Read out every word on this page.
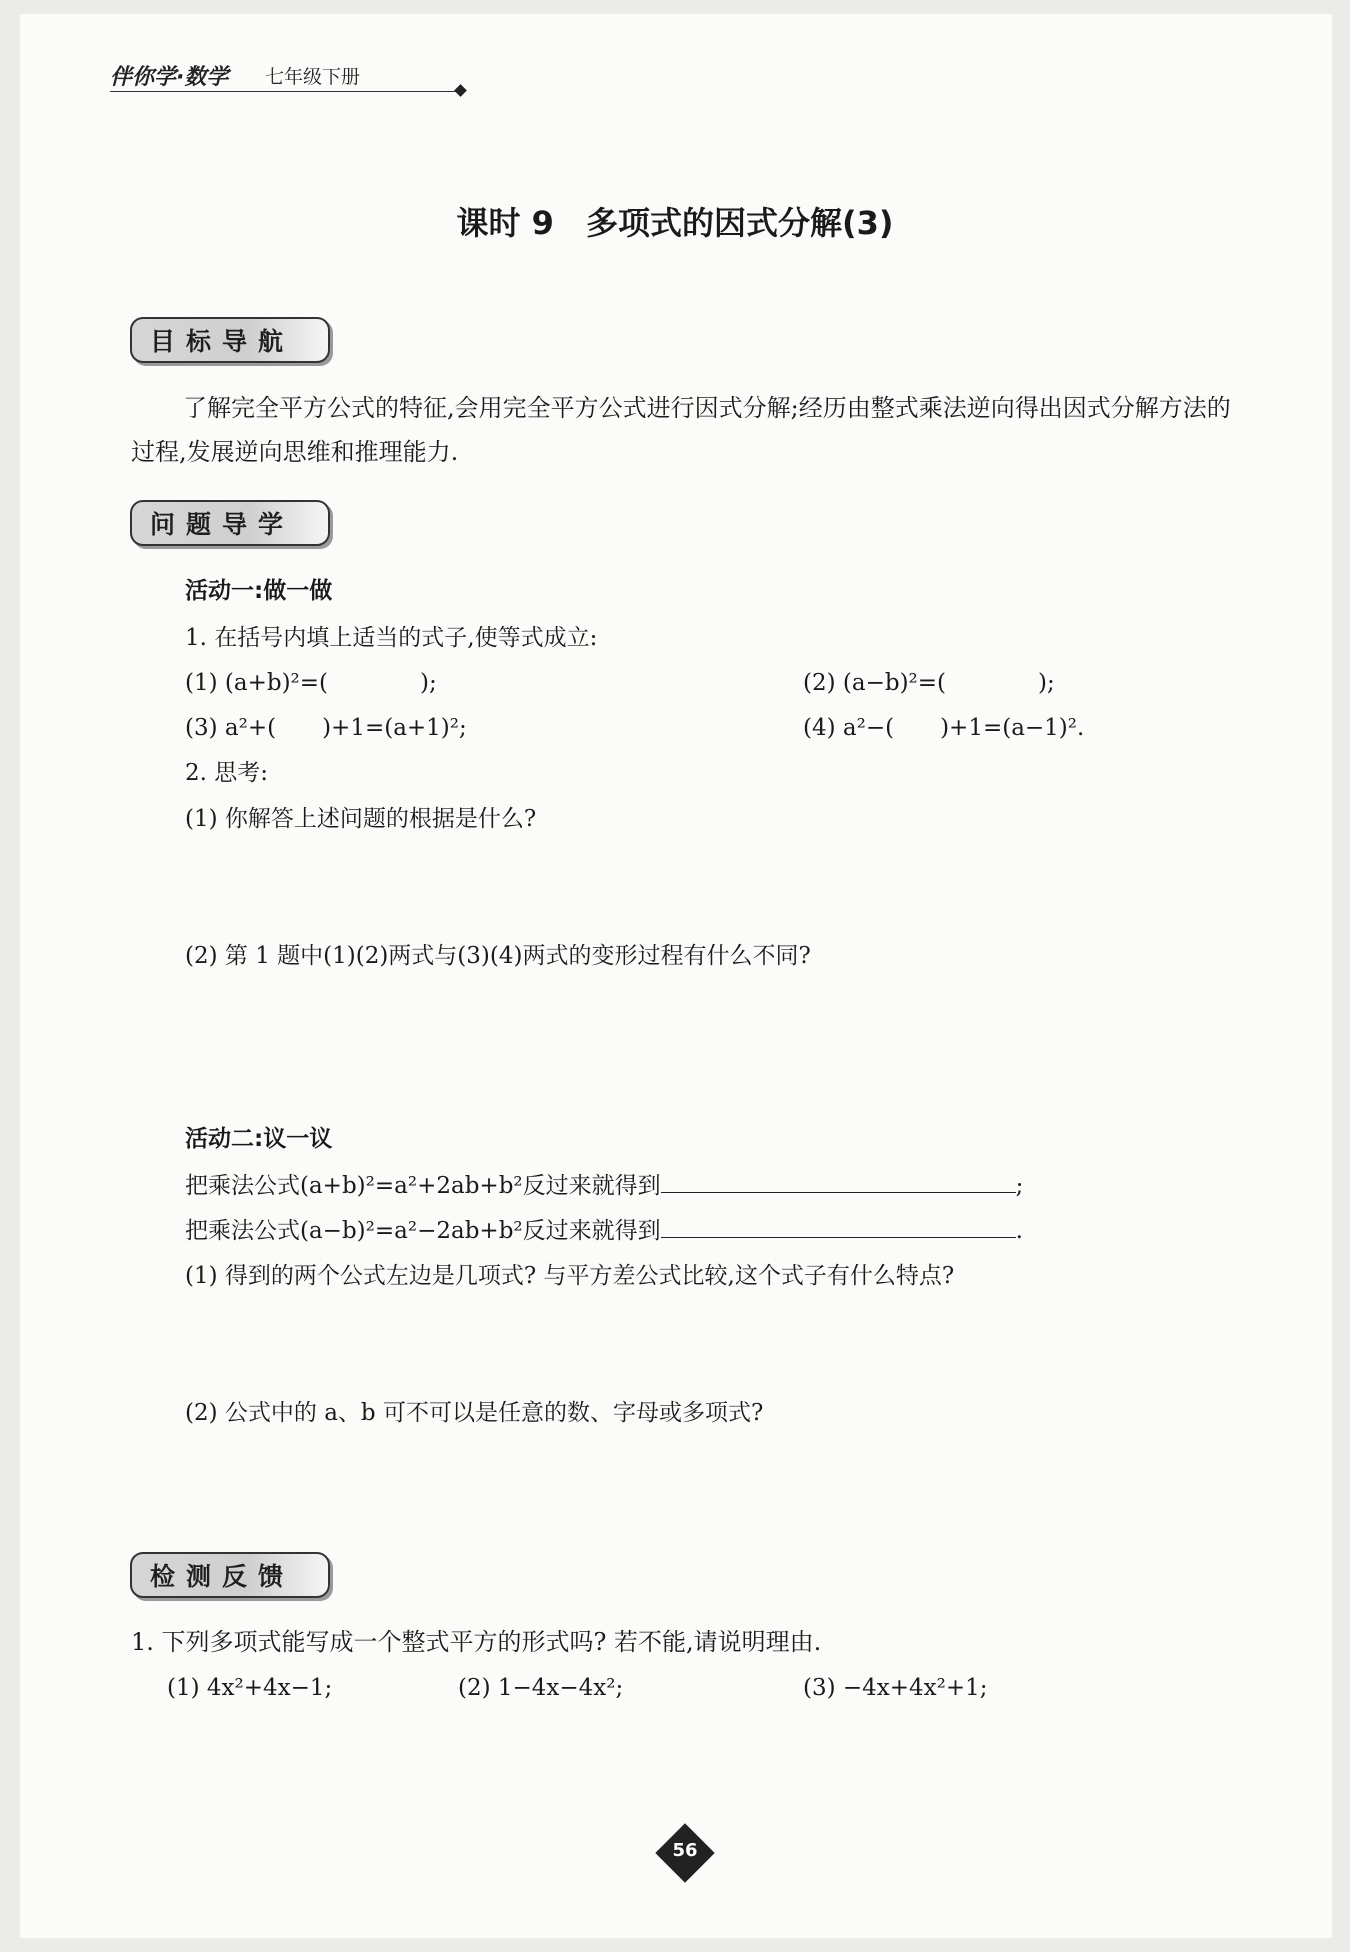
伴你学·数学 七年级下册
课时 9　多项式的因式分解(3)
目标导航
了解完全平方公式的特征,会用完全平方公式进行因式分解;经历由整式乘法逆向得出因式分解方法的过程,发展逆向思维和推理能力.
问题导学
活动一:做一做
1. 在括号内填上适当的式子,使等式成立:
(1) (a+b)²=(　　　　);	(2) (a−b)²=(　　　　);
(3) a²+(　　)+1=(a+1)²;	(4) a²−(　　)+1=(a−1)².
2. 思考:
(1) 你解答上述问题的根据是什么?
(2) 第 1 题中(1)(2)两式与(3)(4)两式的变形过程有什么不同?
活动二:议一议
把乘法公式(a+b)²=a²+2ab+b²反过来就得到	;
把乘法公式(a−b)²=a²−2ab+b²反过来就得到	.
(1) 得到的两个公式左边是几项式? 与平方差公式比较,这个式子有什么特点?
(2) 公式中的 a、b 可不可以是任意的数、字母或多项式?
检测反馈
1. 下列多项式能写成一个整式平方的形式吗? 若不能,请说明理由.
(1) 4x²+4x−1;	(2) 1−4x−4x²;	(3) −4x+4x²+1;
56
